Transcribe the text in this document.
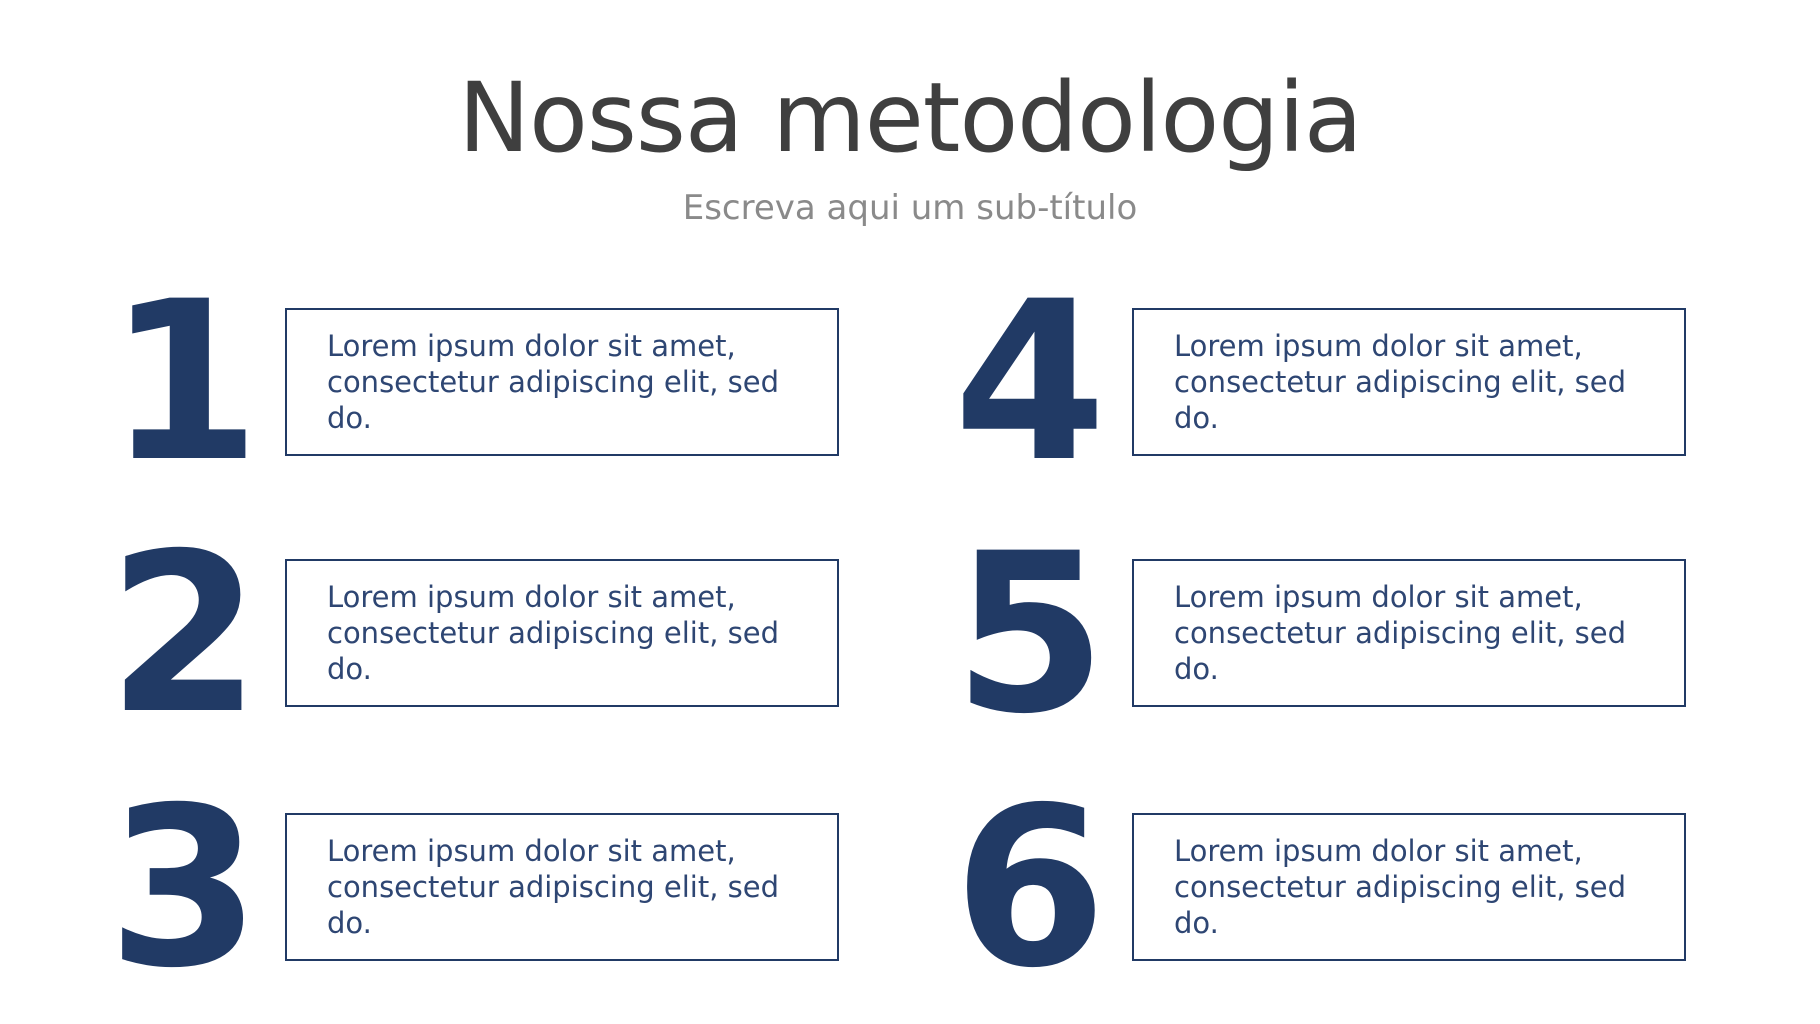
Nossa metodologia

Escreva aqui um sub-título

1 Lorem ipsum dolor sit amet,
consectetur adipiscing elit, sed do.
2 Lorem ipsum dolor sit amet,
consectetur adipiscing elit, sed do.
3 Lorem ipsum dolor sit amet,
consectetur adipiscing elit, sed do.
4 Lorem ipsum dolor sit amet,
consectetur adipiscing elit, sed do.
5 Lorem ipsum dolor sit amet,
consectetur adipiscing elit, sed do.
6 Lorem ipsum dolor sit amet,
consectetur adipiscing elit, sed do.
